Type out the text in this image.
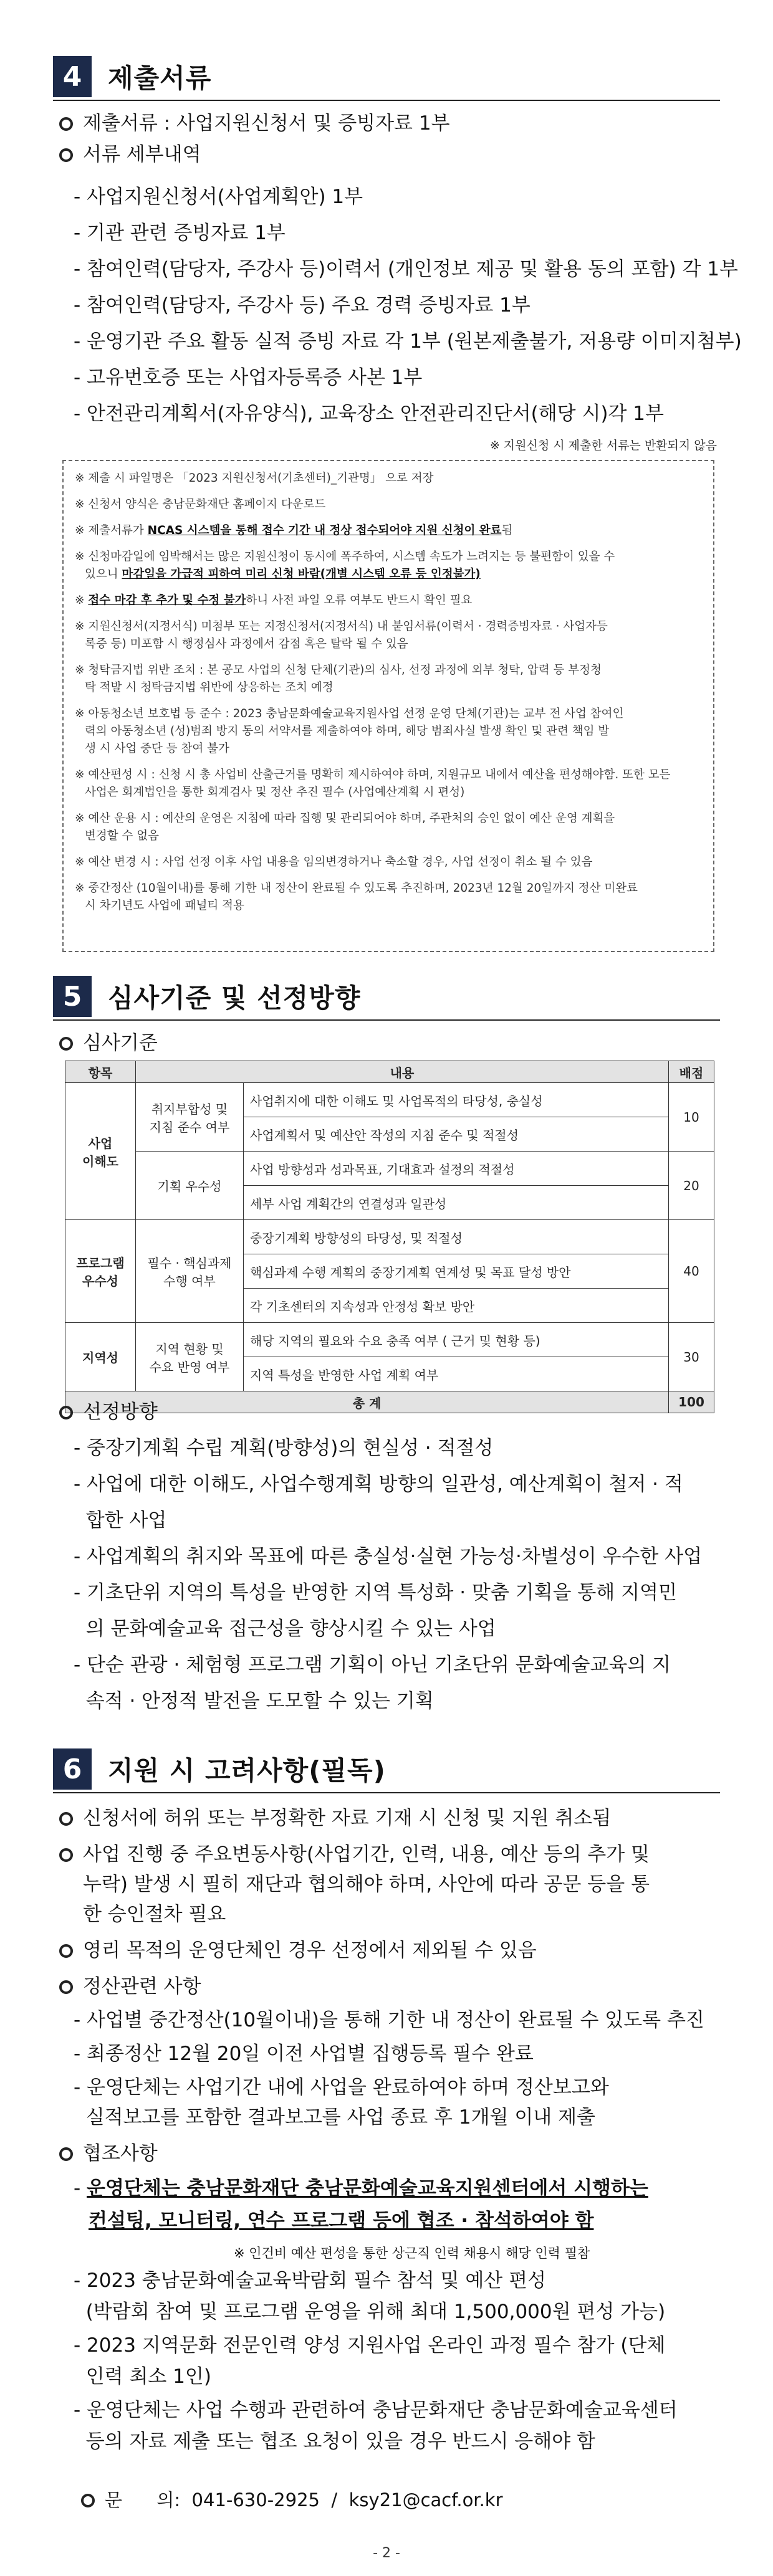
4 제출서류
제출서류 : 사업지원신청서 및 증빙자료 1부
서류 세부내역
- 사업지원신청서(사업계획안) 1부
- 기관 관련 증빙자료 1부
- 참여인력(담당자, 주강사 등)이력서 (개인정보 제공 및 활용 동의 포함) 각 1부
- 참여인력(담당자, 주강사 등) 주요 경력 증빙자료 1부
- 운영기관 주요 활동 실적 증빙 자료 각 1부 (원본제출불가, 저용량 이미지첨부)
- 고유번호증 또는 사업자등록증 사본 1부
- 안전관리계획서(자유양식), 교육장소 안전관리진단서(해당 시)각 1부
※ 지원신청 시 제출한 서류는 반환되지 않음
※ 제출 시 파일명은 「2023 지원신청서(기초센터)_기관명」 으로 저장
※ 신청서 양식은 충남문화재단 홈페이지 다운로드
※ 제출서류가 NCAS 시스템을 통해 접수 기간 내 정상 접수되어야 지원 신청이 완료됨
※ 신청마감일에 임박해서는 많은 지원신청이 동시에 폭주하여, 시스템 속도가 느려지는 등 불편함이 있을 수
있으니 마감일을 가급적 피하여 미리 신청 바람(개별 시스템 오류 등 인정불가)
※ 접수 마감 후 추가 및 수정 불가하니 사전 파일 오류 여부도 반드시 확인 필요
※ 지원신청서(지정서식) 미첨부 또는 지정신청서(지정서식) 내 붙임서류(이력서 · 경력증빙자료 · 사업자등
록증 등) 미포함 시 행정심사 과정에서 감점 혹은 탈락 될 수 있음
※ 청탁금지법 위반 조치 : 본 공모 사업의 신청 단체(기관)의 심사, 선정 과정에 외부 청탁, 압력 등 부정청
탁 적발 시 청탁금지법 위반에 상응하는 조치 예정
※ 아동청소년 보호법 등 준수 : 2023 충남문화예술교육지원사업 선정 운영 단체(기관)는 교부 전 사업 참여인
력의 아동청소년 (성)범죄 방지 동의 서약서를 제출하여야 하며, 해당 범죄사실 발생 확인 및 관련 책임 발
생 시 사업 중단 등 참여 불가
※ 예산편성 시 : 신청 시 총 사업비 산출근거를 명확히 제시하여야 하며, 지원규모 내에서 예산을 편성해야함. 또한 모든
사업은 회계법인을 통한 회계검사 및 정산 추진 필수 (사업예산계획 시 편성)
※ 예산 운용 시 : 예산의 운영은 지침에 따라 집행 및 관리되어야 하며, 주관처의 승인 없이 예산 운영 계획을
변경할 수 없음
※ 예산 변경 시 : 사업 선정 이후 사업 내용을 임의변경하거나 축소할 경우, 사업 선정이 취소 될 수 있음
※ 중간정산 (10월이내)를 통해 기한 내 정산이 완료될 수 있도록 추진하며, 2023년 12월 20일까지 정산 미완료
시 차기년도 사업에 패널티 적용
5 심사기준 및 선정방향
심사기준
항목	내용		배점
사업
이해도	취지부합성 및
지침 준수 여부	사업취지에 대한 이해도 및 사업목적의 타당성, 충실성	10
		사업계획서 및 예산안 작성의 지침 준수 및 적절성	
	기획 우수성	사업 방향성과 성과목표, 기대효과 설정의 적절성	20
		세부 사업 계획간의 연결성과 일관성	
프로그램
우수성	필수 · 핵심과제
수행 여부	중장기계획 방향성의 타당성, 및 적절성	40
		핵심과제 수행 계획의 중장기계획 연계성 및 목표 달성 방안	
		각 기초센터의 지속성과 안정성 확보 방안	
지역성	지역 현황 및
수요 반영 여부	해당 지역의 필요와 수요 충족 여부 ( 근거 및 현황 등)	30
		지역 특성을 반영한 사업 계획 여부	
총 계			100
선정방향
- 중장기계획 수립 계획(방향성)의 현실성 · 적절성
- 사업에 대한 이해도, 사업수행계획 방향의 일관성, 예산계획이 철저 · 적
합한 사업
- 사업계획의 취지와 목표에 따른 충실성·실현 가능성·차별성이 우수한 사업
- 기초단위 지역의 특성을 반영한 지역 특성화 · 맞춤 기획을 통해 지역민
의 문화예술교육 접근성을 향상시킬 수 있는 사업
- 단순 관광 · 체험형 프로그램 기획이 아닌 기초단위 문화예술교육의 지
속적 · 안정적 발전을 도모할 수 있는 기획
6 지원 시 고려사항(필독)
신청서에 허위 또는 부정확한 자료 기재 시 신청 및 지원 취소됨
사업 진행 중 주요변동사항(사업기간, 인력, 내용, 예산 등의 추가 및
누락) 발생 시 필히 재단과 협의해야 하며, 사안에 따라 공문 등을 통
한 승인절차 필요
영리 목적의 운영단체인 경우 선정에서 제외될 수 있음
정산관련 사항
- 사업별 중간정산(10월이내)을 통해 기한 내 정산이 완료될 수 있도록 추진
- 최종정산 12월 20일 이전 사업별 집행등록 필수 완료
- 운영단체는 사업기간 내에 사업을 완료하여야 하며 정산보고와
실적보고를 포함한 결과보고를 사업 종료 후 1개월 이내 제출
협조사항
- 운영단체는 충남문화재단 충남문화예술교육지원센터에서 시행하는
컨설팅, 모니터링, 연수 프로그램 등에 협조 · 참석하여야 함
※ 인건비 예산 편성을 통한 상근직 인력 채용시 해당 인력 필참
- 2023 충남문화예술교육박람회 필수 참석 및 예산 편성
(박람회 참여 및 프로그램 운영을 위해 최대 1,500,000원 편성 가능)
- 2023 지역문화 전문인력 양성 지원사업 온라인 과정 필수 참가 (단체
인력 최소 1인)
- 운영단체는 사업 수행과 관련하여 충남문화재단 충남문화예술교육센터
등의 자료 제출 또는 협조 요청이 있을 경우 반드시 응해야 함
문      의:  041-630-2925  /  ksy21@cacf.or.kr
- 2 -
